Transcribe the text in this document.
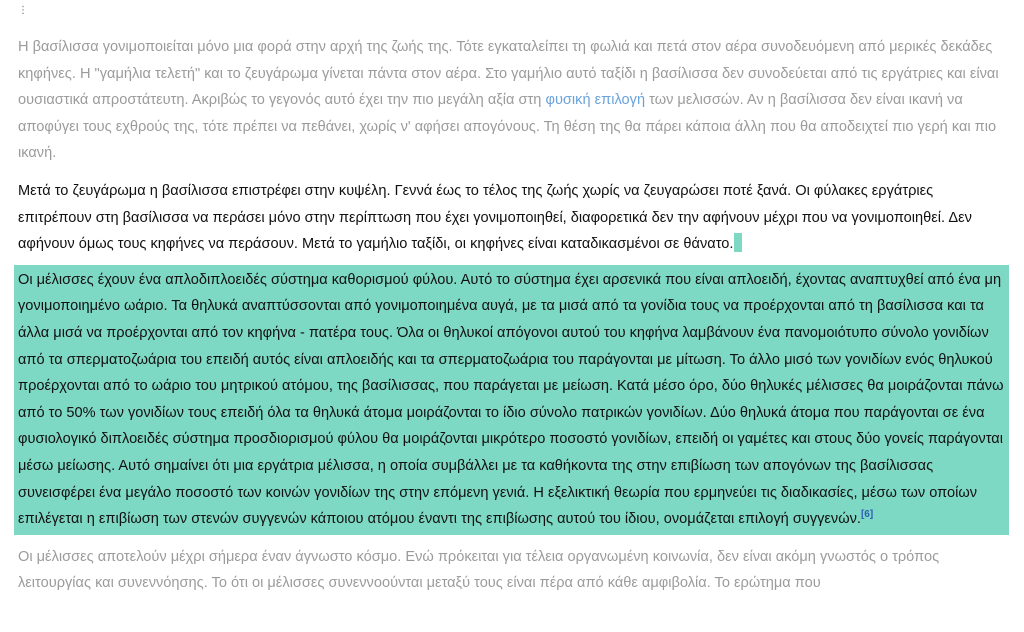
⋮

Η βασίλισσα γονιμοποιείται μόνο μια φορά στην αρχή της ζωής της. Τότε εγκαταλείπει τη φωλιά και πετά στον αέρα συνοδευόμενη από μερικές δεκάδες κηφήνες. Η "γαμήλια τελετή" και το ζευγάρωμα γίνεται πάντα στον αέρα. Στο γαμήλιο αυτό ταξίδι η βασίλισσα δεν συνοδεύεται από τις εργάτριες και είναι ουσιαστικά απροστάτευτη. Ακριβώς το γεγονός αυτό έχει την πιο μεγάλη αξία στη φυσική επιλογή των μελισσών. Αν η βασίλισσα δεν είναι ικανή να αποφύγει τους εχθρούς της, τότε πρέπει να πεθάνει, χωρίς ν' αφήσει απογόνους. Τη θέση της θα πάρει κάποια άλλη που θα αποδειχτεί πιο γερή και πιο ικανή.

Μετά το ζευγάρωμα η βασίλισσα επιστρέφει στην κυψέλη. Γεννά έως το τέλος της ζωής χωρίς να ζευγαρώσει ποτέ ξανά. Οι φύλακες εργάτριες επιτρέπουν στη βασίλισσα να περάσει μόνο στην περίπτωση που έχει γονιμοποιηθεί, διαφορετικά δεν την αφήνουν μέχρι που να γονιμοποιηθεί. Δεν αφήνουν όμως τους κηφήνες να περάσουν. Μετά το γαμήλιο ταξίδι, οι κηφήνες είναι καταδικασμένοι σε θάνατο.

Οι μέλισσες έχουν ένα απλοδιπλοειδές σύστημα καθορισμού φύλου. Αυτό το σύστημα έχει αρσενικά που είναι απλοειδή, έχοντας αναπτυχθεί από ένα μη γονιμοποιημένο ωάριο. Τα θηλυκά αναπτύσσονται από γονιμοποιημένα αυγά, με τα μισά από τα γονίδια τους να προέρχονται από τη βασίλισσα και τα άλλα μισά να προέρχονται από τον κηφήνα - πατέρα τους. Όλα οι θηλυκοί απόγονοι αυτού του κηφήνα λαμβάνουν ένα πανομοιότυπο σύνολο γονιδίων από τα σπερματοζωάρια του επειδή αυτός είναι απλοειδής και τα σπερματοζωάρια του παράγονται με μίτωση. Το άλλο μισό των γονιδίων ενός θηλυκού προέρχονται από το ωάριο του μητρικού ατόμου, της βασίλισσας, που παράγεται με μείωση. Κατά μέσο όρο, δύο θηλυκές μέλισσες θα μοιράζονται πάνω από το 50% των γονιδίων τους επειδή όλα τα θηλυκά άτομα μοιράζονται το ίδιο σύνολο πατρικών γονιδίων. Δύο θηλυκά άτομα που παράγονται σε ένα φυσιολογικό διπλοειδές σύστημα προσδιορισμού φύλου θα μοιράζονται μικρότερο ποσοστό γονιδίων, επειδή οι γαμέτες και στους δύο γονείς παράγονται μέσω μείωσης. Αυτό σημαίνει ότι μια εργάτρια μέλισσα, η οποία συμβάλλει με τα καθήκοντα της στην επιβίωση των απογόνων της βασίλισσας συνεισφέρει ένα μεγάλο ποσοστό των κοινών γονιδίων της στην επόμενη γενιά. Η εξελικτική θεωρία που ερμηνεύει τις διαδικασίες, μέσω των οποίων επιλέγεται η επιβίωση των στενών συγγενών κάποιου ατόμου έναντι της επιβίωσης αυτού του ίδιου, ονομάζεται επιλογή συγγενών.[6]

Οι μέλισσες αποτελούν μέχρι σήμερα έναν άγνωστο κόσμο. Ενώ πρόκειται για τέλεια οργανωμένη κοινωνία, δεν είναι ακόμη γνωστός ο τρόπος λειτουργίας και συνεννόησης. Το ότι οι μέλισσες συνεννοούνται μεταξύ τους είναι πέρα από κάθε αμφιβολία. Το ερώτημα που
